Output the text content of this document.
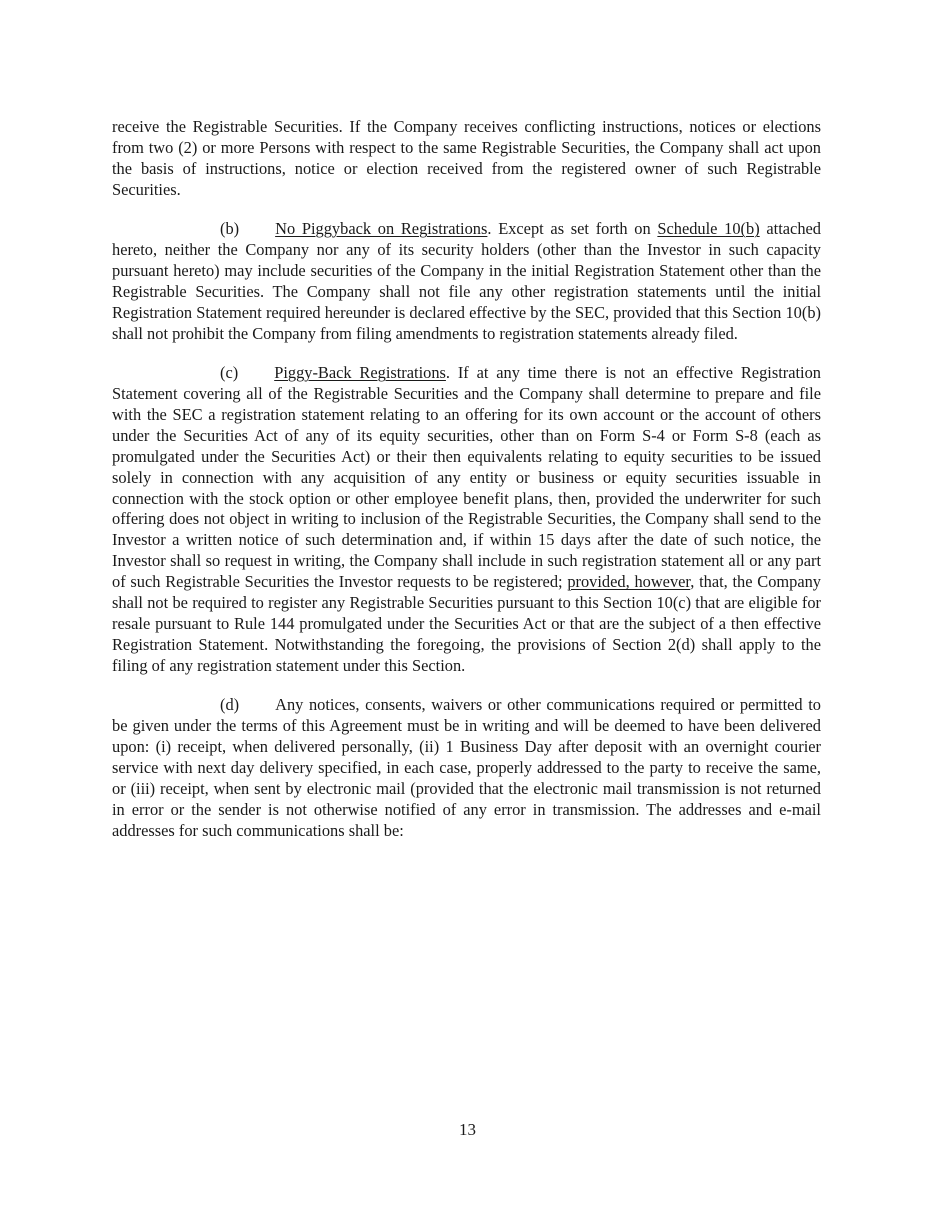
receive the Registrable Securities. If the Company receives conflicting instructions, notices or elections from two (2) or more Persons with respect to the same Registrable Securities, the Company shall act upon the basis of instructions, notice or election received from the registered owner of such Registrable Securities.

(b) No Piggyback on Registrations. Except as set forth on Schedule 10(b) attached hereto, neither the Company nor any of its security holders (other than the Investor in such capacity pursuant hereto) may include securities of the Company in the initial Registration Statement other than the Registrable Securities. The Company shall not file any other registration statements until the initial Registration Statement required hereunder is declared effective by the SEC, provided that this Section 10(b) shall not prohibit the Company from filing amendments to registration statements already filed.

(c) Piggy-Back Registrations. If at any time there is not an effective Registration Statement covering all of the Registrable Securities and the Company shall determine to prepare and file with the SEC a registration statement relating to an offering for its own account or the account of others under the Securities Act of any of its equity securities, other than on Form S-4 or Form S-8 (each as promulgated under the Securities Act) or their then equivalents relating to equity securities to be issued solely in connection with any acquisition of any entity or business or equity securities issuable in connection with the stock option or other employee benefit plans, then, provided the underwriter for such offering does not object in writing to inclusion of the Registrable Securities, the Company shall send to the Investor a written notice of such determination and, if within 15 days after the date of such notice, the Investor shall so request in writing, the Company shall include in such registration statement all or any part of such Registrable Securities the Investor requests to be registered; provided, however, that, the Company shall not be required to register any Registrable Securities pursuant to this Section 10(c) that are eligible for resale pursuant to Rule 144 promulgated under the Securities Act or that are the subject of a then effective Registration Statement. Notwithstanding the foregoing, the provisions of Section 2(d) shall apply to the filing of any registration statement under this Section.

(d) Any notices, consents, waivers or other communications required or permitted to be given under the terms of this Agreement must be in writing and will be deemed to have been delivered upon: (i) receipt, when delivered personally, (ii) 1 Business Day after deposit with an overnight courier service with next day delivery specified, in each case, properly addressed to the party to receive the same, or (iii) receipt, when sent by electronic mail (provided that the electronic mail transmission is not returned in error or the sender is not otherwise notified of any error in transmission. The addresses and e-mail addresses for such communications shall be:

13
